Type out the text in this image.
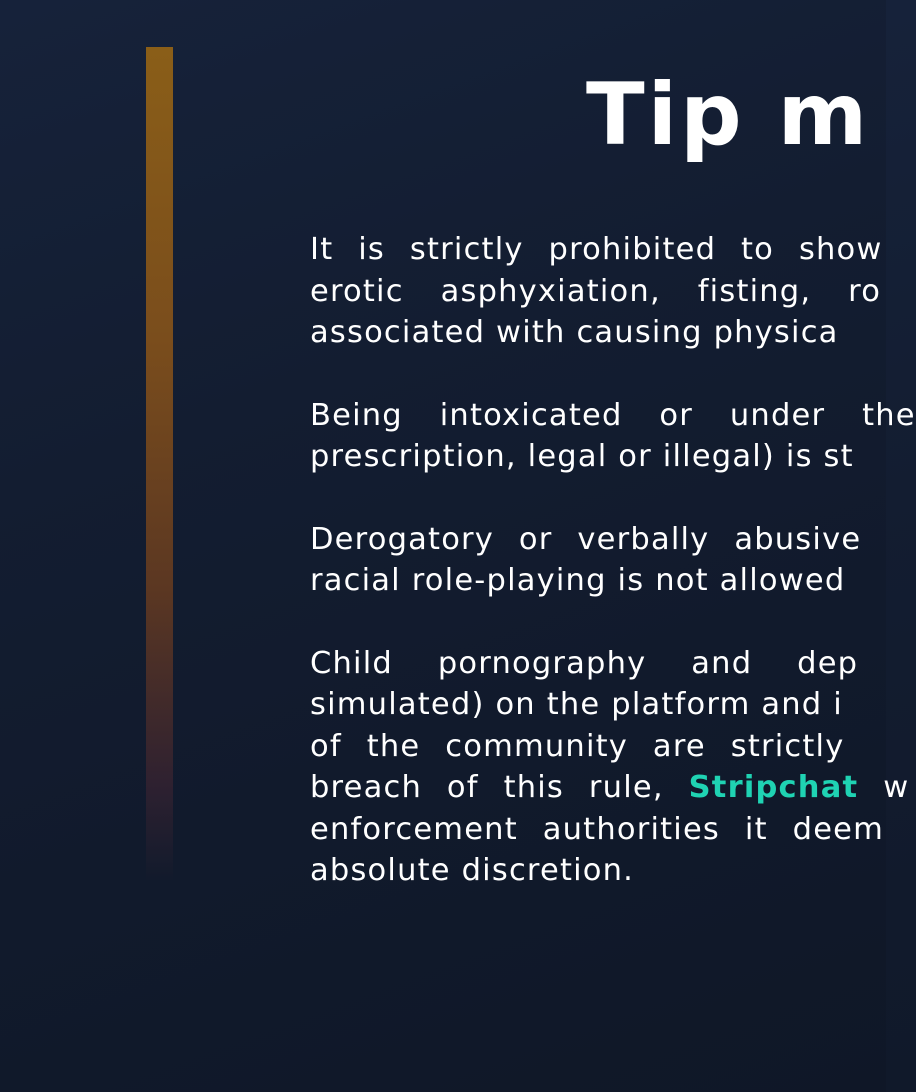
Tip m

It is strictly prohibited to show
erotic asphyxiation, fisting, ro
associated with causing physica

Being intoxicated or under the
prescription, legal or illegal) is st

Derogatory or verbally abusive
racial role-playing is not allowed

Child pornography and dep
simulated) on the platform and i
of the community are strictly
breach of this rule, Stripchat w
enforcement authorities it deem
absolute discretion.
